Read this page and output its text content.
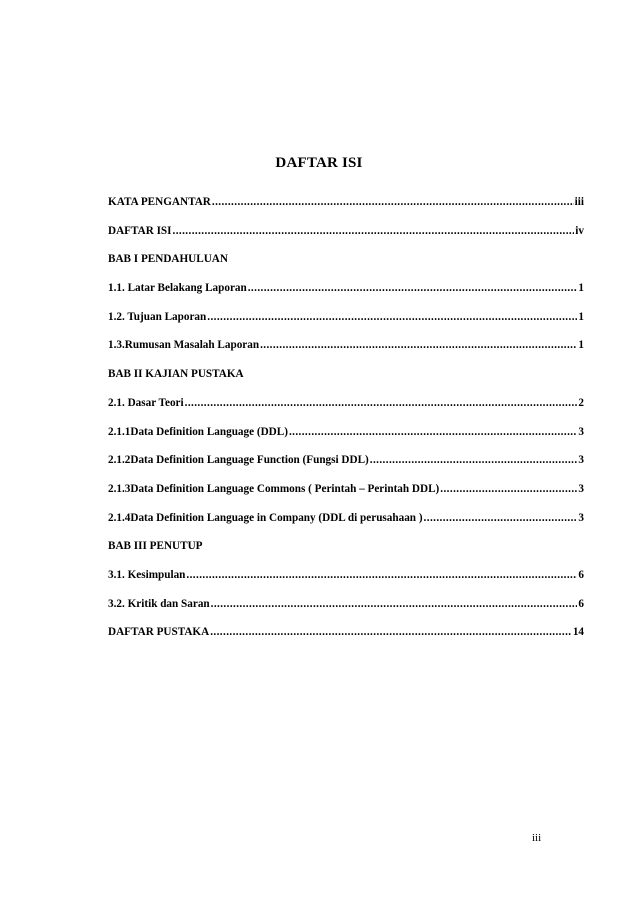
DAFTAR ISI
KATA PENGANTAR .....	iii
DAFTAR ISI .....	iv
BAB I PENDAHULUAN
1.1. Latar Belakang Laporan .....	1
1.2. Tujuan Laporan .....	1
1.3.Rumusan Masalah Laporan .....	1
BAB II KAJIAN PUSTAKA
2.1. Dasar Teori .....	2
2.1.1Data Definition Language (DDL) .....	3
2.1.2Data Definition Language Function (Fungsi DDL) .....	3
2.1.3Data Definition Language Commons ( Perintah – Perintah DDL) .....	3
2.1.4Data Definition Language in Company (DDL di perusahaan ) .....	3
BAB III PENUTUP
3.1. Kesimpulan .....	6
3.2. Kritik dan Saran .....	6
DAFTAR PUSTAKA .....	14
iii
